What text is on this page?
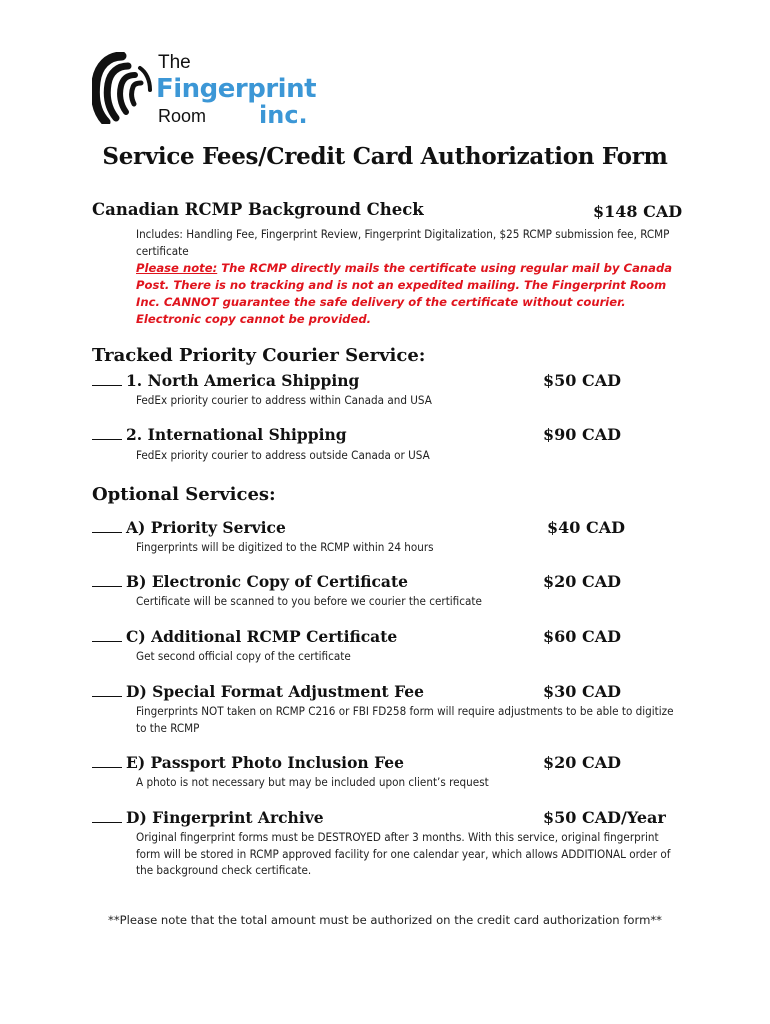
The
Fingerprint
Room inc.
Service Fees/Credit Card Authorization Form
Canadian RCMP Background Check	$148 CAD
Includes: Handling Fee, Fingerprint Review, Fingerprint Digitalization, $25 RCMP submission fee, RCMP certificate
Please note: The RCMP directly mails the certificate using regular mail by Canada Post. There is no tracking and is not an expedited mailing. The Fingerprint Room Inc. CANNOT guarantee the safe delivery of the certificate without courier. Electronic copy cannot be provided.
Tracked Priority Courier Service:
1. North America Shipping	$50 CAD
FedEx priority courier to address within Canada and USA
2. International Shipping	$90 CAD
FedEx priority courier to address outside Canada or USA
Optional Services:
A) Priority Service	$40 CAD
Fingerprints will be digitized to the RCMP within 24 hours
B) Electronic Copy of Certificate	$20 CAD
Certificate will be scanned to you before we courier the certificate
C) Additional RCMP Certificate	$60 CAD
Get second official copy of the certificate
D) Special Format Adjustment Fee	$30 CAD
Fingerprints NOT taken on RCMP C216 or FBI FD258 form will require adjustments to be able to digitize to the RCMP
E) Passport Photo Inclusion Fee	$20 CAD
A photo is not necessary but may be included upon client’s request
D) Fingerprint Archive	$50 CAD/Year
Original fingerprint forms must be DESTROYED after 3 months. With this service, original fingerprint form will be stored in RCMP approved facility for one calendar year, which allows ADDITIONAL order of the background check certificate.
**Please note that the total amount must be authorized on the credit card authorization form**
